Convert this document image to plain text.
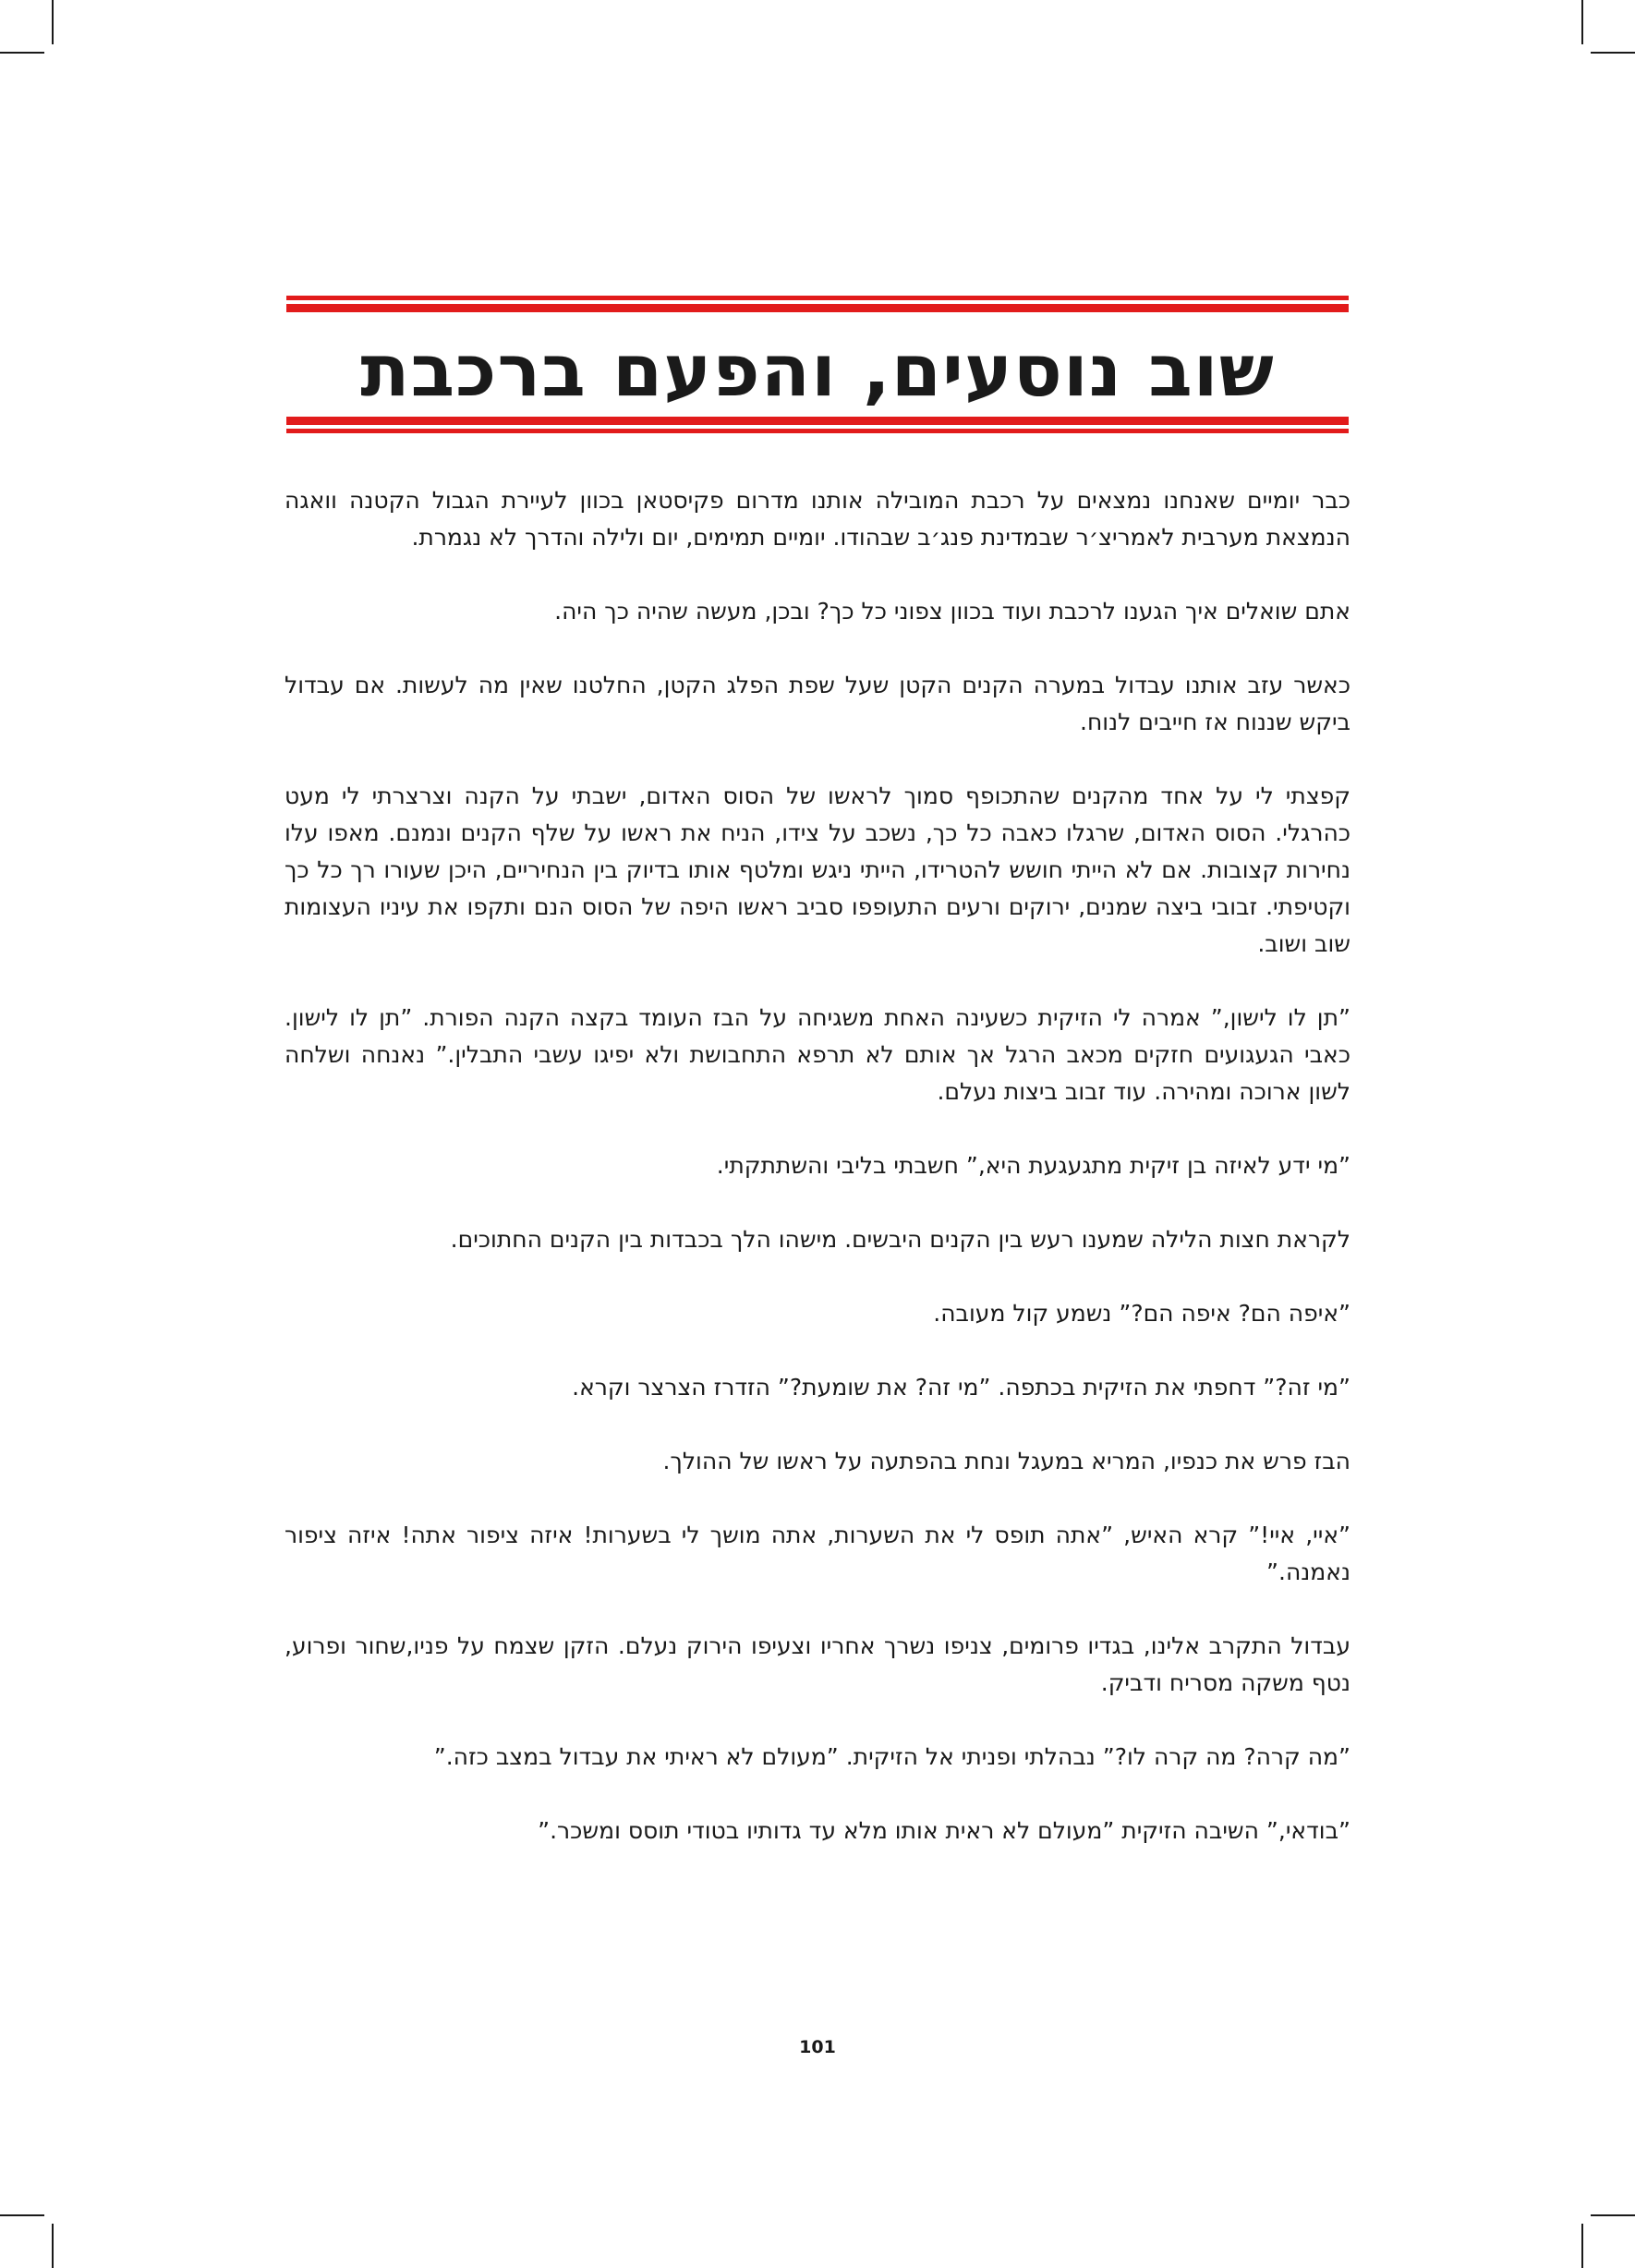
שוב נוסעים, והפעם ברכבת

כבר יומיים שאנחנו נמצאים על רכבת המובילה אותנו מדרום פקיסטאן בכוון לעיירת הגבול הקטנה וואגה הנמצאת מערבית לאמריצ׳ר שבמדינת פנג׳ב שבהודו. יומיים תמימים, יום ולילה והדרך לא נגמרת.

אתם שואלים איך הגענו לרכבת ועוד בכוון צפוני כל כך? ובכן, מעשה שהיה כך היה.

כאשר עזב אותנו עבדול במערה הקנים הקטן שעל שפת הפלג הקטן, החלטנו שאין מה לעשות. אם עבדול ביקש שננוח אז חייבים לנוח.

קפצתי לי על אחד מהקנים שהתכופף סמוך לראשו של הסוס האדום, ישבתי על הקנה וצרצרתי לי מעט כהרגלי. הסוס האדום, שרגלו כאבה כל כך, נשכב על צידו, הניח את ראשו על שלף הקנים ונמנם. מאפו עלו נחירות קצובות. אם לא הייתי חושש להטרידו, הייתי ניגש ומלטף אותו בדיוק בין הנחיריים, היכן שעורו רך כל כך וקטיפתי. זבובי ביצה שמנים, ירוקים ורעים התעופפו סביב ראשו היפה של הסוס הנם ותקפו את עיניו העצומות שוב ושוב.

”תן לו לישון,” אמרה לי הזיקית כשעינה האחת משגיחה על הבז העומד בקצה הקנה הפורת. ”תן לו לישון. כאבי הגעגועים חזקים מכאב הרגל אך אותם לא תרפא התחבושת ולא יפיגו עשבי התבלין.” נאנחה ושלחה לשון ארוכה ומהירה. עוד זבוב ביצות נעלם.

”מי ידע לאיזה בן זיקית מתגעגעת היא,” חשבתי בליבי והשתתקתי.

לקראת חצות הלילה שמענו רעש בין הקנים היבשים. מישהו הלך בכבדות בין הקנים החתוכים.

”איפה הם? איפה הם?” נשמע קול מעובה.

”מי זה?” דחפתי את הזיקית בכתפה. ”מי זה? את שומעת?” הזדרז הצרצר וקרא.

הבז פרש את כנפיו, המריא במעגל ונחת בהפתעה על ראשו של ההולך.

”איי, איי!” קרא האיש, ”אתה תופס לי את השערות, אתה מושך לי בשערות! איזה ציפור אתה! איזה ציפור נאמנה.”

עבדול התקרב אלינו, בגדיו פרומים, צניפו נשרך אחריו וצעיפו הירוק נעלם. הזקן שצמח על פניו,שחור ופרוע, נטף משקה מסריח ודביק.

”מה קרה? מה קרה לו?” נבהלתי ופניתי אל הזיקית. ”מעולם לא ראיתי את עבדול במצב כזה.”

”בודאי,” השיבה הזיקית ”מעולם לא ראית אותו מלא עד גדותיו בטודי תוסס ומשכר.”

101
